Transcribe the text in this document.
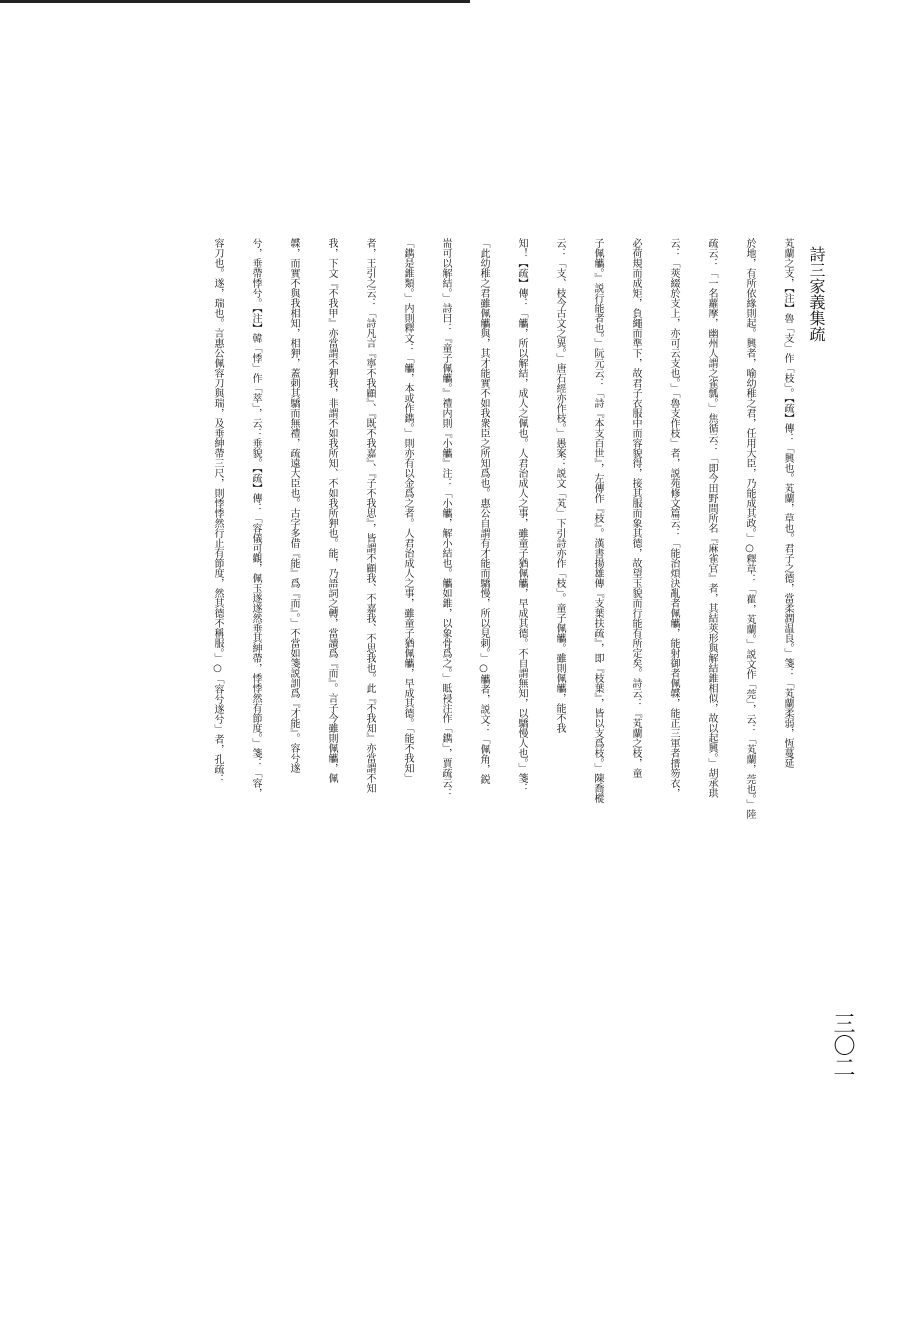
詩三家義集疏
三〇二
芄蘭之支，【注】魯「支」作「枝」。【疏】傳：「興也。芄蘭，草也。君子之德，當柔潤温良。」箋：「芄蘭柔弱，恆蔓延
於地，有所依緣則起。興者，喻幼稚之君，任用大臣，乃能成其政。」○釋草：「雚，芄蘭。」説文作「莞」，云：「芄蘭，莞也。」陸
疏云：「一名蘿摩，幽州人謂之雀瓢。」焦循云：「即今田野間所名『麻雀官』者，其結莢形與解結錐相似，故以起興。」胡承珙
云：「莢綴於支上，亦可云支也。」「魯支作枝」者，説苑修文篇云：「能治煩決亂者佩觿，能射御者佩韘，能正三軍者搢笏衣，
必荷規而成矩，負繩而準下，故君子衣服中而容貌得，接其服而象其德，故望玉貌而行能有所定矣。詩云：『芄蘭之枝，童
子佩觿。』説行能者也。」阮元云：「詩『本支百世』，左傳作『枝』。漢書揚雄傳『支葉扶疏』，即『枝葉』，皆以支爲枝。」陳喬樅
云：「支、枝今古文之異。」唐石經亦作枝。」愚案：説文「芄」下引詩亦作「枝」。童子佩觿。雖則佩觿，能不我
知！【疏】傳：「觿，所以解結，成人之佩也。人君治成人之事，雖童子猶佩觿，早成其德。不自謂無知，以驕慢人也。」箋：
「此幼稚之君雖佩觿與，其才能實不如我衆臣之所知爲也。惠公自謂有才能而驕慢，所以見刺。」○觿者，説文：「佩角，鋭
耑可以解結。」詩曰：『童子佩觿。』禮内則『小觿』注：「小觿，解小結也。觿如錐，以象骨爲之。」眡祲注作「鐫」，賈疏云：
「鐫是錐類。」内則釋文：「觿，本或作鐫。」則亦有以金爲之者。人君治成人之事，雖童子猶佩觿，早成其德。「能不我知」
者，王引之云：「詩凡言『寧不我顧』、『既不我嘉』、『子不我思』，皆謂不顧我、不嘉我、不思我也。此『不我知』亦當謂不知
我，下文『不我甲』亦當謂不狎我，非謂不如我所知、不如我所狎也。能，乃語詞之轉，當讀爲『而』。言子今雖則佩觿，佩
韘，而實不與我相知，相狎，蓋刺其驕而無禮，疏遠大臣也。古字多借『能』爲『而』。」不當如箋説訓爲『才能』。容兮遂
兮，垂帶悸兮。【注】韓「悸」作「萃」，云：垂貌。【疏】傳：「容儀可觀，佩玉遂遂然垂其紳帶，悸悸然有節度。」箋：「容，
容刀也。遂，瑞也。言惠公佩容刀與瑞，及垂紳帶三尺，則悸悸然行止有節度，然其德不稱服。」○「容兮遂兮」者，孔疏：
